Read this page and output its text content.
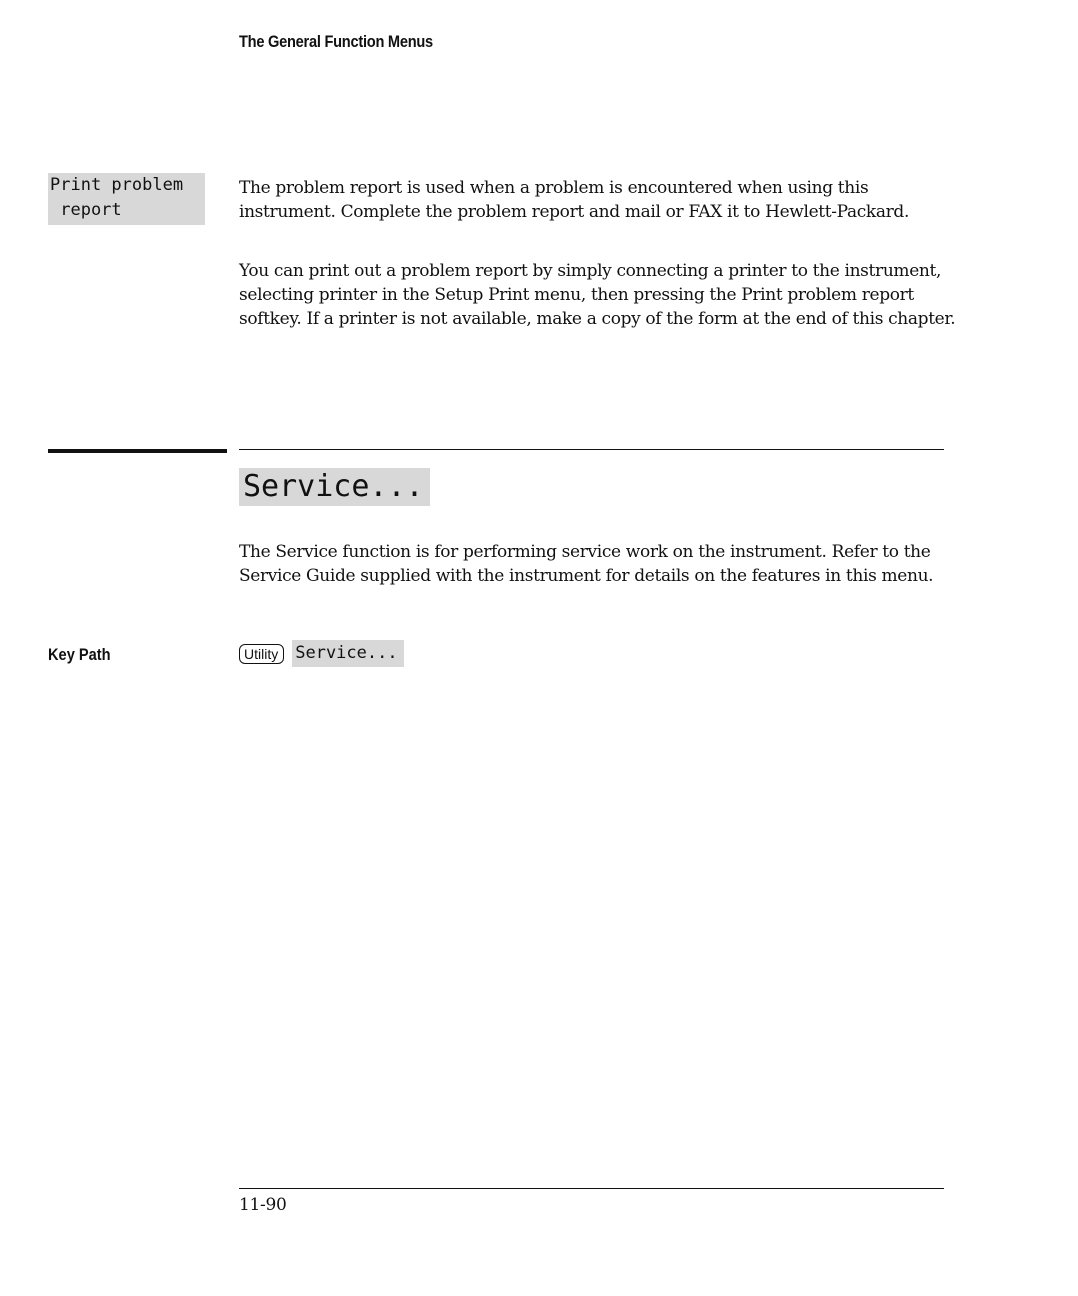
The General Function Menus
Print problem
report

The problem report is used when a problem is encountered when using this instrument. Complete the problem report and mail or FAX it to Hewlett-Packard.

You can print out a problem report by simply connecting a printer to the instrument, selecting printer in the Setup Print menu, then pressing the Print problem report softkey. If a printer is not available, make a copy of the form at the end of this chapter.

Service...

The Service function is for performing service work on the instrument. Refer to the Service Guide supplied with the instrument for details on the features in this menu.

Key Path	Utility	Service...
11-90
